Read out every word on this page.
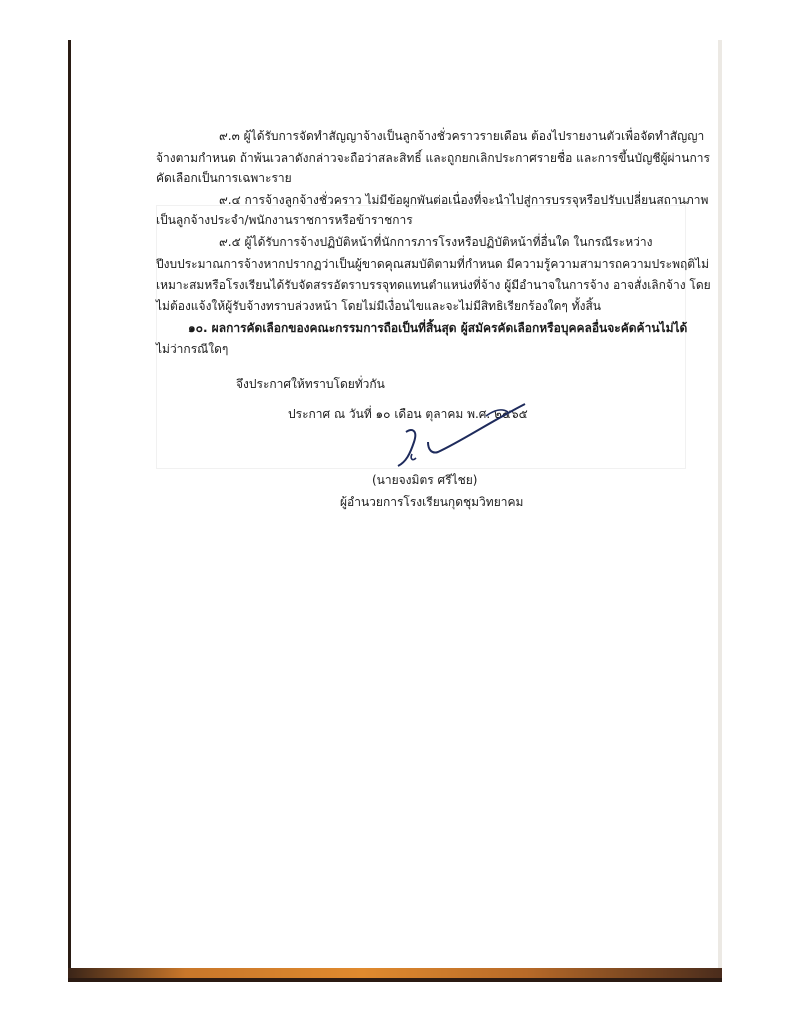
๙.๓ ผู้ได้รับการจัดทำสัญญาจ้างเป็นลูกจ้างชั่วคราวรายเดือน ต้องไปรายงานตัวเพื่อจัดทำสัญญา
จ้างตามกำหนด ถ้าพ้นเวลาดังกล่าวจะถือว่าสละสิทธิ์ และถูกยกเลิกประกาศรายชื่อ และการขึ้นบัญชีผู้ผ่านการ
คัดเลือกเป็นการเฉพาะราย
๙.๔ การจ้างลูกจ้างชั่วคราว ไม่มีข้อผูกพันต่อเนื่องที่จะนำไปสู่การบรรจุหรือปรับเปลี่ยนสถานภาพ
เป็นลูกจ้างประจำ/พนักงานราชการหรือข้าราชการ
๙.๕ ผู้ได้รับการจ้างปฏิบัติหน้าที่นักการภารโรงหรือปฏิบัติหน้าที่อื่นใด ในกรณีระหว่าง
ปีงบประมาณการจ้างหากปรากฏว่าเป็นผู้ขาดคุณสมบัติตามที่กำหนด มีความรู้ความสามารถความประพฤติไม่
เหมาะสมหรือโรงเรียนได้รับจัดสรรอัตราบรรจุทดแทนตำแหน่งที่จ้าง ผู้มีอำนาจในการจ้าง อาจสั่งเลิกจ้าง โดย
ไม่ต้องแจ้งให้ผู้รับจ้างทราบล่วงหน้า โดยไม่มีเงื่อนไขและจะไม่มีสิทธิเรียกร้องใดๆ ทั้งสิ้น
๑๐. ผลการคัดเลือกของคณะกรรมการถือเป็นที่สิ้นสุด ผู้สมัครคัดเลือกหรือบุคคลอื่นจะคัดค้านไม่ได้
ไม่ว่ากรณีใดๆ
จึงประกาศให้ทราบโดยทั่วกัน
ประกาศ ณ วันที่ ๑๐ เดือน ตุลาคม พ.ศ. ๒๕๖๕
(นายจงมิตร ศรีไชย)
ผู้อำนวยการโรงเรียนกุดชุมวิทยาคม
